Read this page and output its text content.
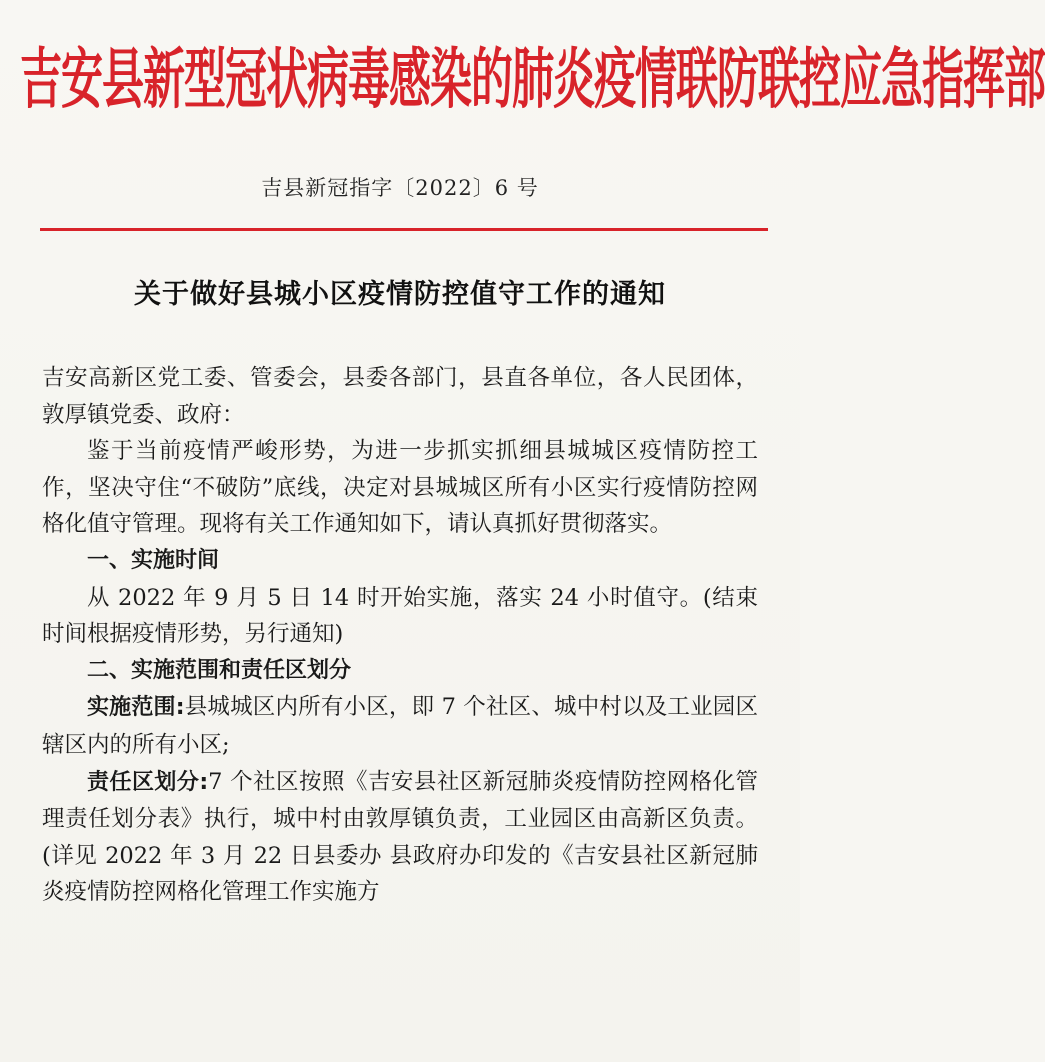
吉安县新型冠状病毒感染的肺炎疫情联防联控应急指挥部
吉县新冠指字〔2022〕6 号
关于做好县城小区疫情防控值守工作的通知

吉安高新区党工委、管委会，县委各部门，县直各单位，各人民团体，敦厚镇党委、政府：

鉴于当前疫情严峻形势，为进一步抓实抓细县城城区疫情防控工作，坚决守住“不破防”底线，决定对县城城区所有小区实行疫情防控网格化值守管理。现将有关工作通知如下，请认真抓好贯彻落实。

一、实施时间

从 2022 年 9 月 5 日 14 时开始实施，落实 24 小时值守。(结束时间根据疫情形势，另行通知)

二、实施范围和责任区划分

实施范围:县城城区内所有小区，即 7 个社区、城中村以及工业园区辖区内的所有小区;

责任区划分:7 个社区按照《吉安县社区新冠肺炎疫情防控网格化管理责任划分表》执行，城中村由敦厚镇负责，工业园区由高新区负责。(详见 2022 年 3 月 22 日县委办 县政府办印发的《吉安县社区新冠肺炎疫情防控网格化管理工作实施方
